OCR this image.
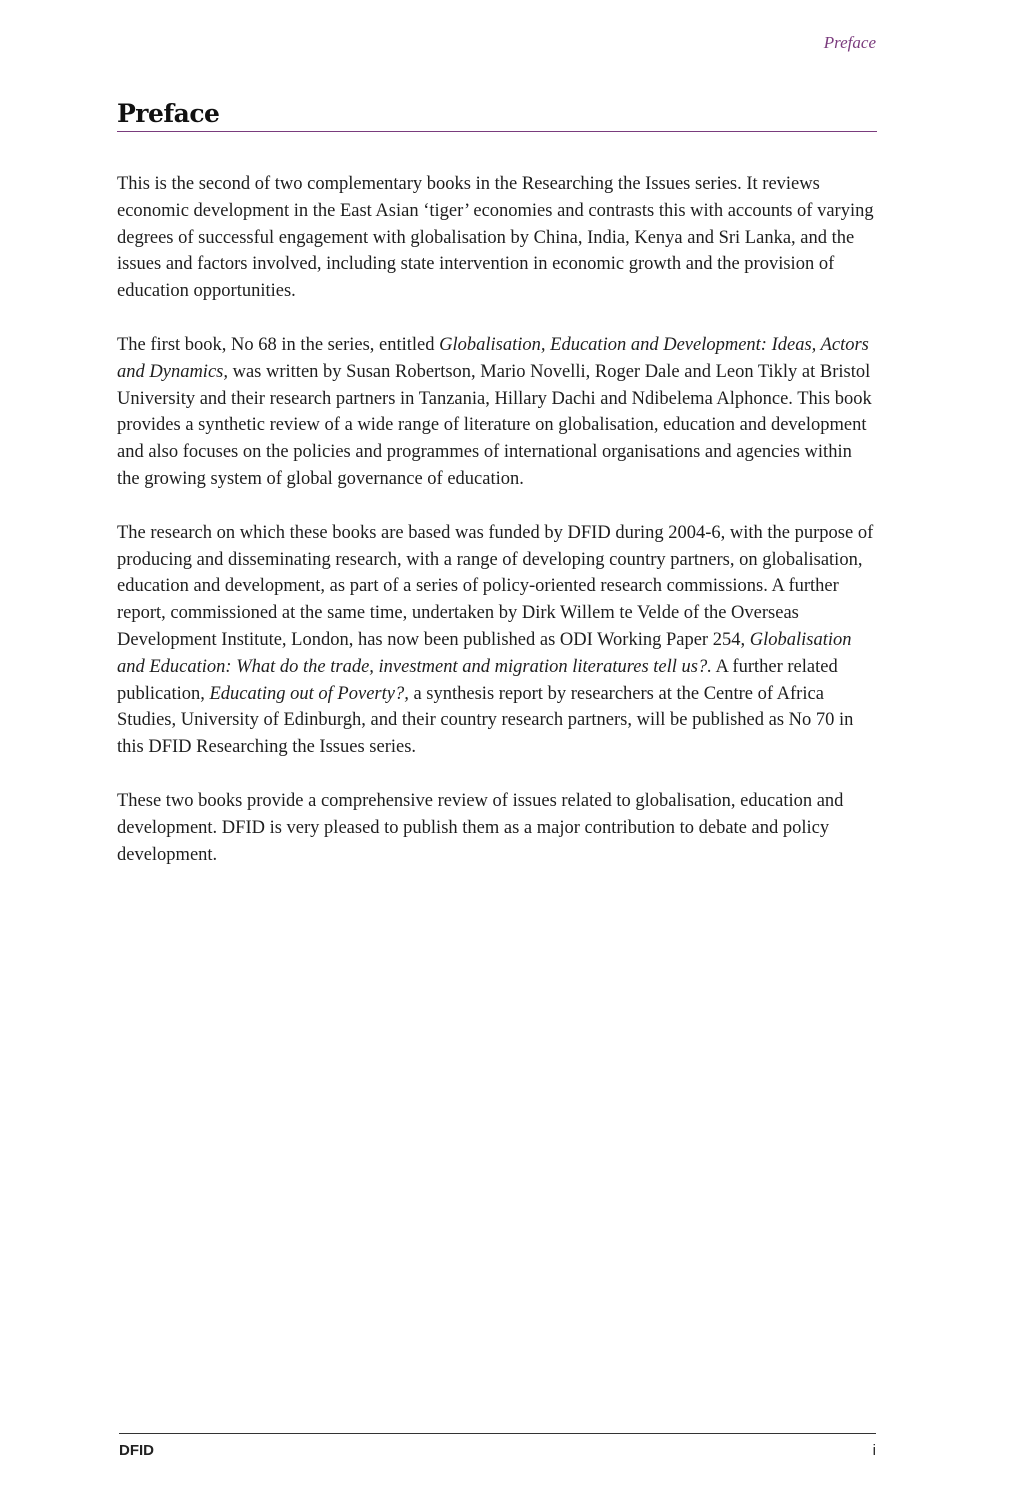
Preface
Preface

This is the second of two complementary books in the Researching the Issues series. It reviews economic development in the East Asian ‘tiger’ economies and contrasts this with accounts of varying degrees of successful engagement with globalisation by China, India, Kenya and Sri Lanka, and the issues and factors involved, including state intervention in economic growth and the provision of education opportunities.

The first book, No 68 in the series, entitled Globalisation, Education and Development: Ideas, Actors and Dynamics, was written by Susan Robertson, Mario Novelli, Roger Dale and Leon Tikly at Bristol University and their research partners in Tanzania, Hillary Dachi and Ndibelema Alphonce. This book provides a synthetic review of a wide range of literature on globalisation, education and development and also focuses on the policies and programmes of international organisations and agencies within the growing system of global governance of education.

The research on which these books are based was funded by DFID during 2004-6, with the purpose of producing and disseminating research, with a range of developing country partners, on globalisation, education and development, as part of a series of policy-oriented research commissions. A further report, commissioned at the same time, undertaken by Dirk Willem te Velde of the Overseas Development Institute, London, has now been published as ODI Working Paper 254, Globalisation and Education: What do the trade, investment and migration literatures tell us?. A further related publication, Educating out of Poverty?, a synthesis report by researchers at the Centre of Africa Studies, University of Edinburgh, and their country research partners, will be published as No 70 in this DFID Researching the Issues series.

These two books provide a comprehensive review of issues related to globalisation, education and development. DFID is very pleased to publish them as a major contribution to debate and policy development.

DFID	i
